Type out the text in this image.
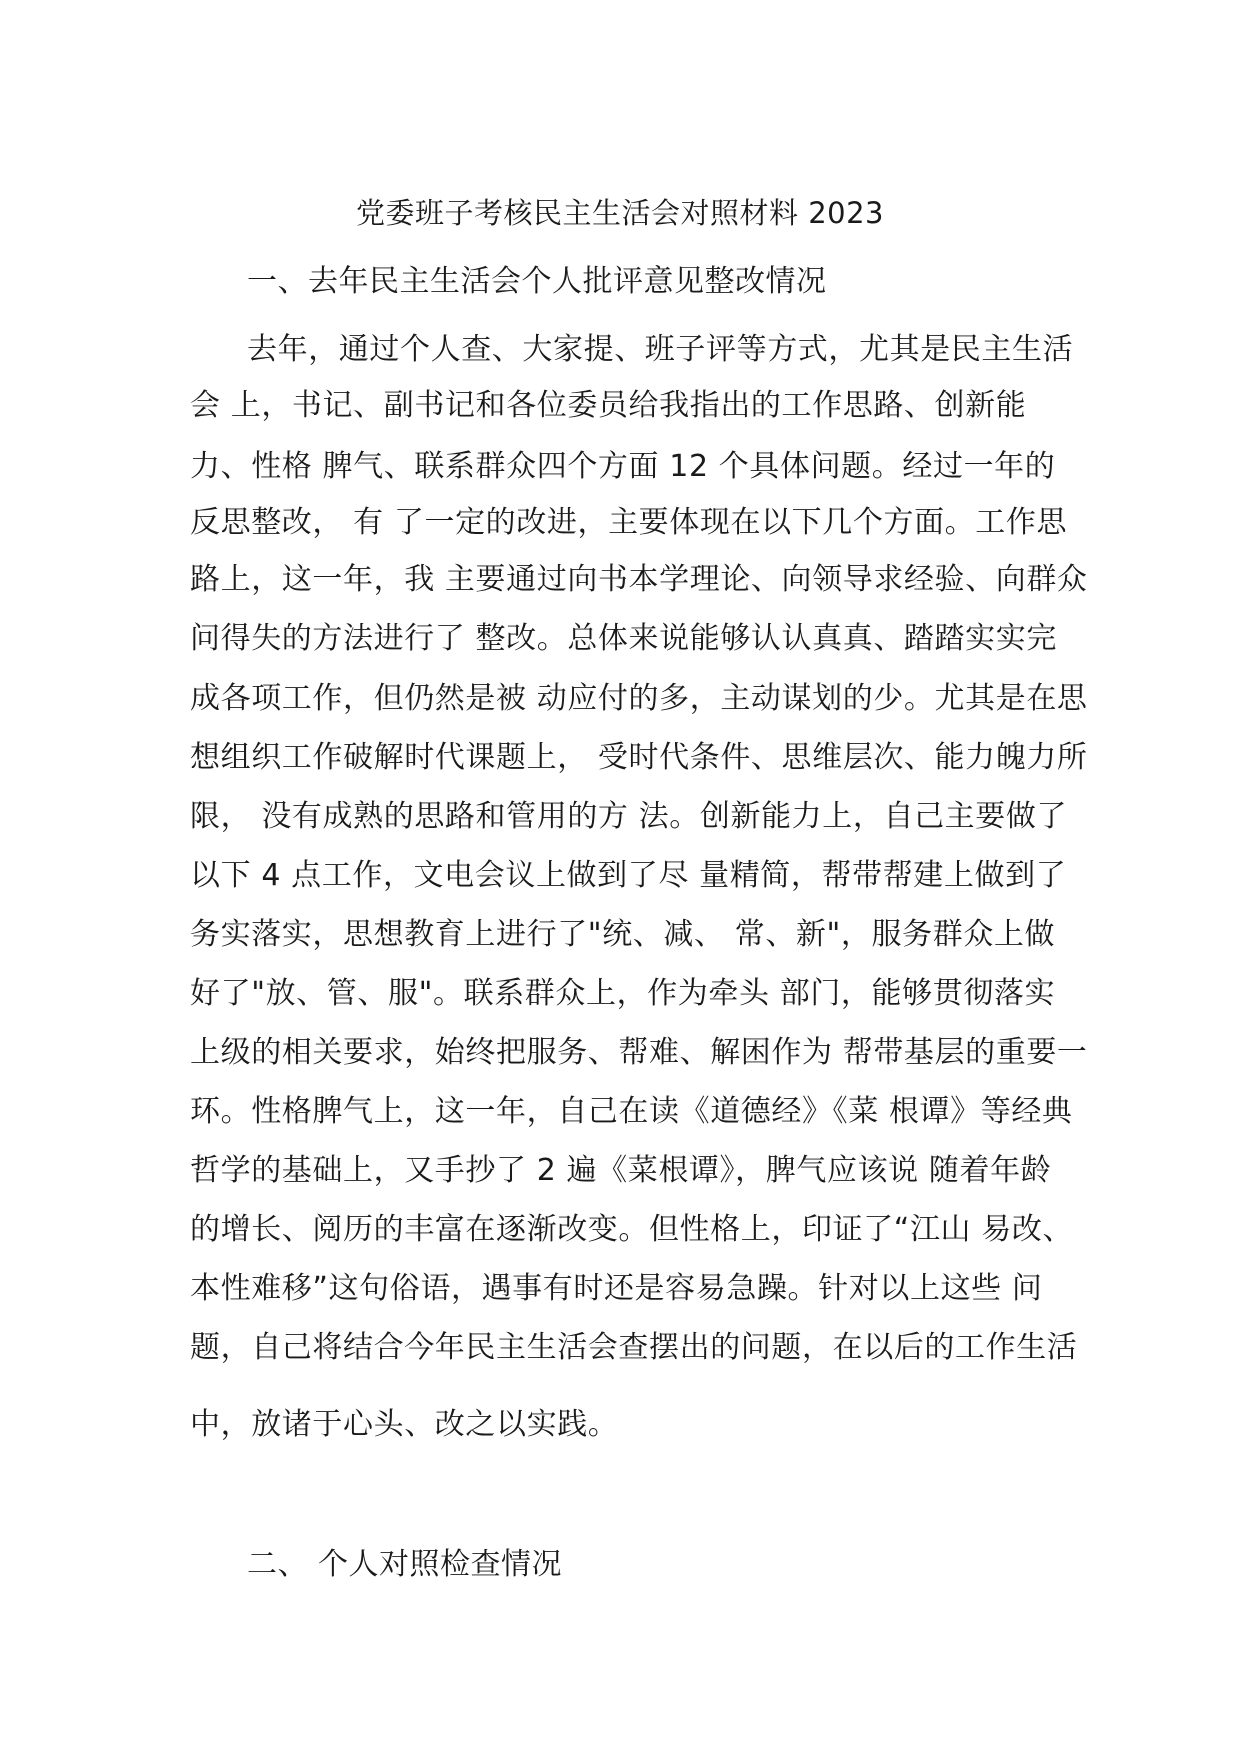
党委班子考核民主生活会对照材料 2023
一、去年民主生活会个人批评意见整改情况
去年，通过个人查、大家提、班子评等方式，尤其是民主生活
会 上，书记、副书记和各位委员给我指出的工作思路、创新能
力、性格 脾气、联系群众四个方面 12 个具体问题。经过一年的
反思整改， 有 了一定的改进，主要体现在以下几个方面。工作思
路上，这一年，我 主要通过向书本学理论、向领导求经验、向群众
问得失的方法进行了 整改。总体来说能够认认真真、踏踏实实完
成各项工作，但仍然是被 动应付的多，主动谋划的少。尤其是在思
想组织工作破解时代课题上， 受时代条件、思维层次、能力魄力所
限， 没有成熟的思路和管用的方 法。创新能力上，自己主要做了
以下 4 点工作，文电会议上做到了尽 量精简，帮带帮建上做到了
务实落实，思想教育上进行了"统、减、 常、新"，服务群众上做
好了"放、管、服"。联系群众上，作为牵头 部门，能够贯彻落实
上级的相关要求，始终把服务、帮难、解困作为 帮带基层的重要一
环。性格脾气上，这一年，自己在读《道德经》《菜 根谭》等经典
哲学的基础上，又手抄了 2 遍《菜根谭》，脾气应该说 随着年龄
的增长、阅历的丰富在逐渐改变。但性格上，印证了“江山 易改、
本性难移”这句俗语，遇事有时还是容易急躁。针对以上这些 问
题，自己将结合今年民主生活会查摆出的问题，在以后的工作生活
中，放诸于心头、改之以实践。
二、 个人对照检查情况
